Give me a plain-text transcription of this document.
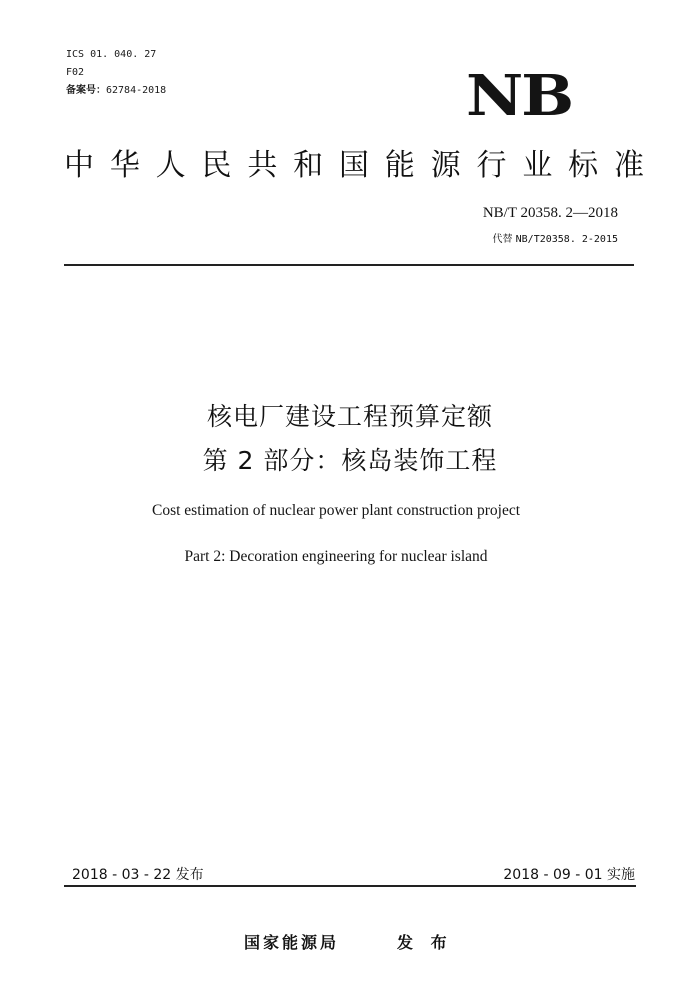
ICS 01. 040. 27
F02
备案号：62784-2018	NB
中华人民共和国能源行业标准
NB/T 20358. 2—2018
代替 NB/T20358. 2-2015
核电厂建设工程预算定额
第 2 部分：核岛装饰工程
Cost estimation of nuclear power plant construction project
Part 2: Decoration engineering for nuclear island
2018 - 03 - 22 发布	2018 - 09 - 01 实施
国家能源局	发 布
